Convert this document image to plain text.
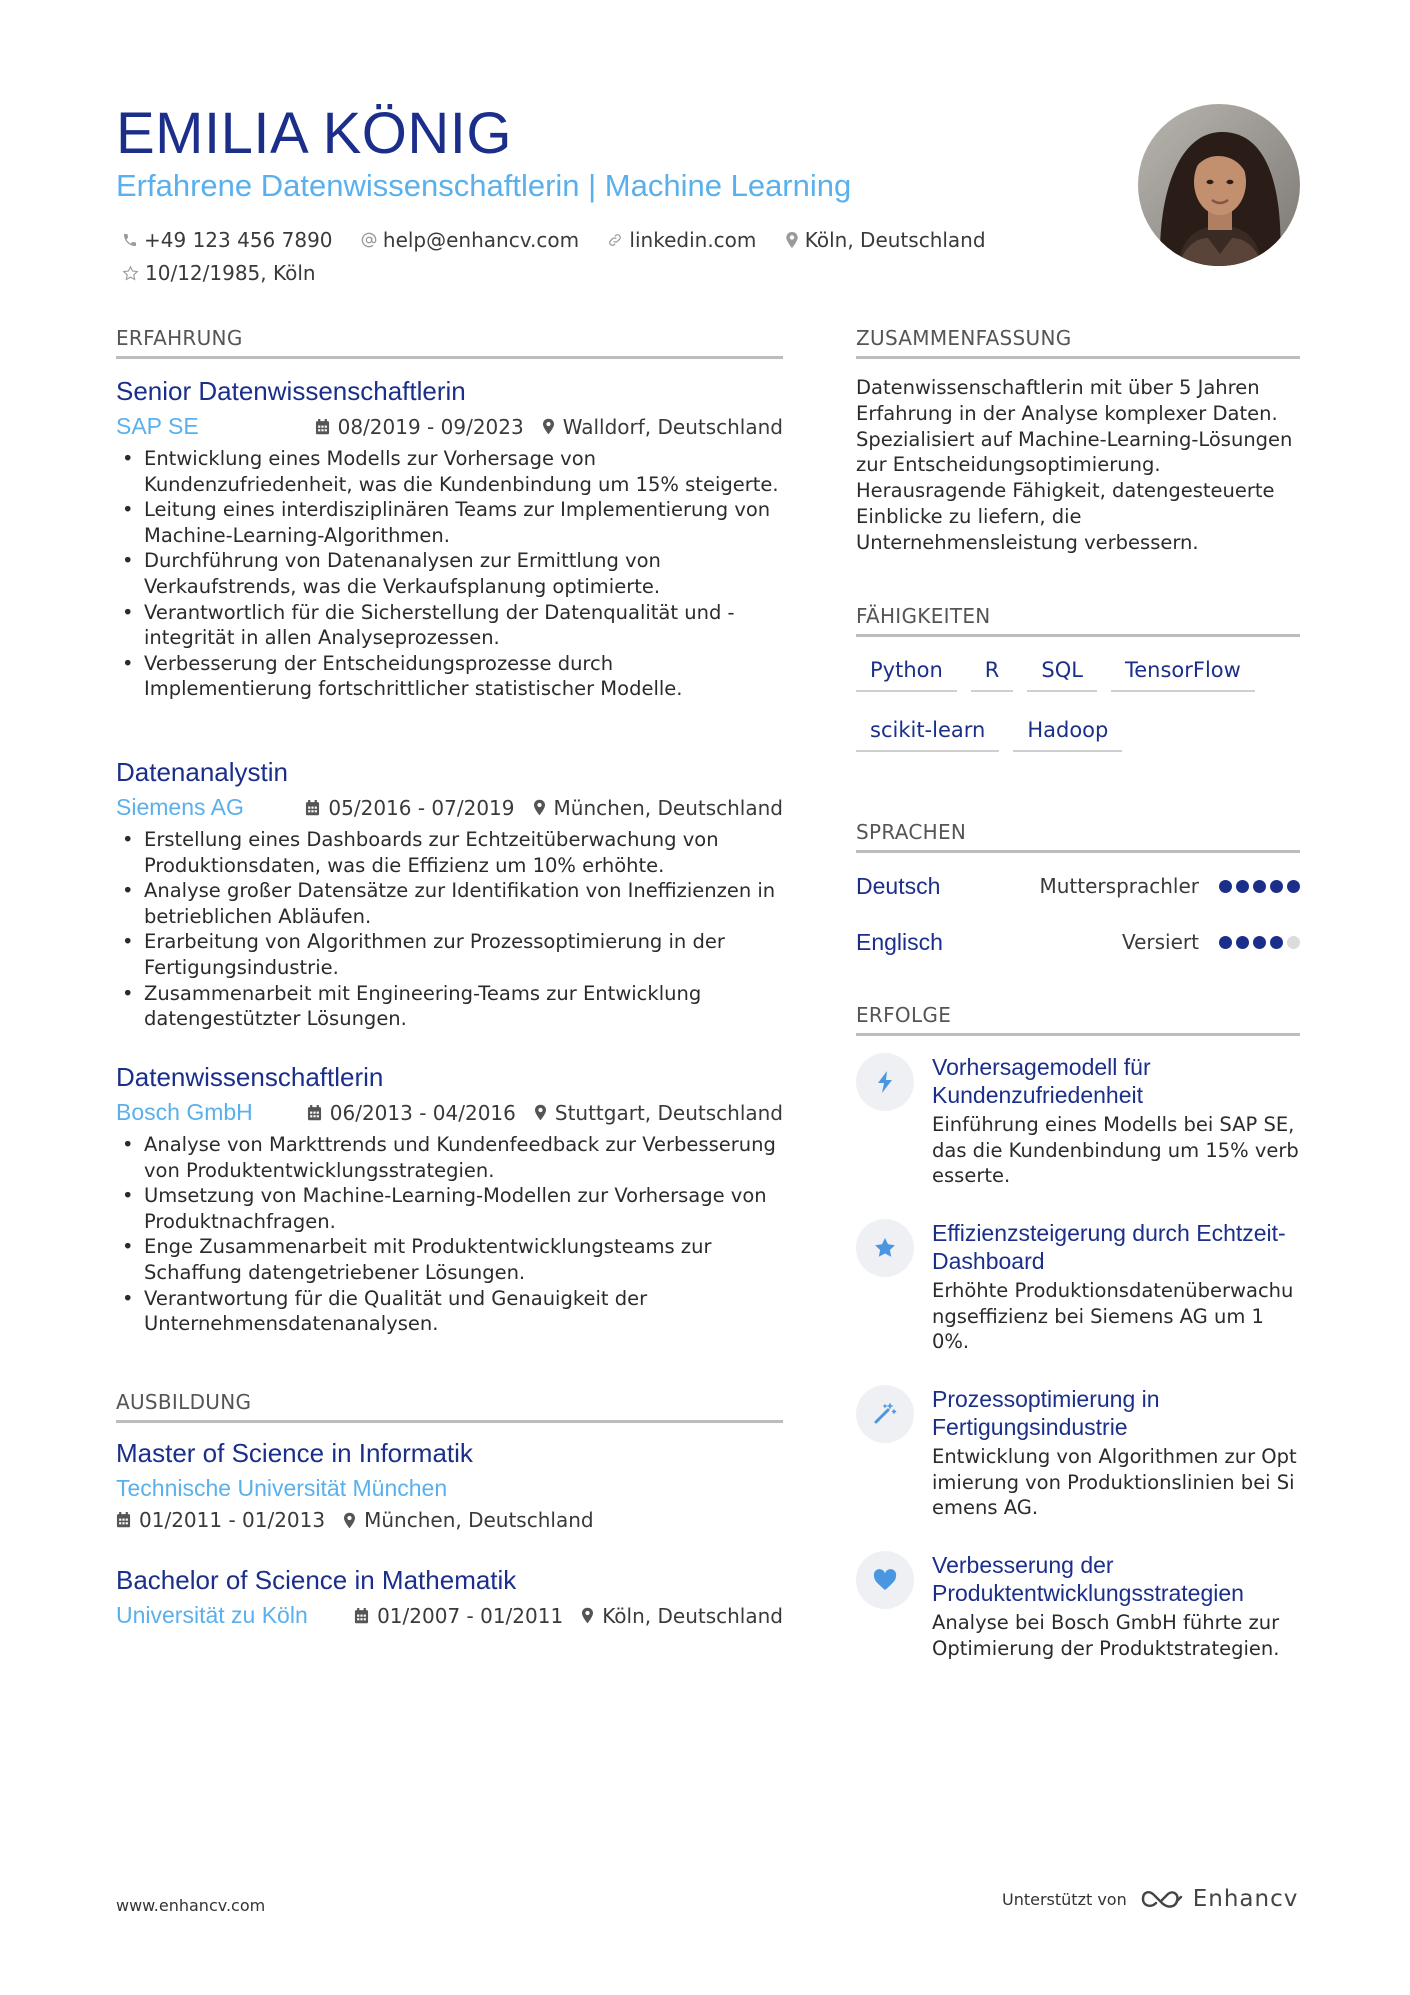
EMILIA KÖNIG
Erfahrene Datenwissenschaftlerin | Machine Learning
+49 123 456 7890
	help@enhancv.com
	linkedin.com
Köln, Deutschland

10/12/1985, Köln
ERFAHRUNG
Senior Datenwissenschaftlerin
SAP SE	08/2019 - 09/2023 Walldorf, Deutschland
• Entwicklung eines Modells zur Vorhersage von Kundenzufriedenheit, was die Kundenbindung um 15% steigerte.
• Leitung eines interdisziplinären Teams zur Implementierung von Machine-Learning-Algorithmen.
• Durchführung von Datenanalysen zur Ermittlung von Verkaufstrends, was die Verkaufsplanung optimierte.
• Verantwortlich für die Sicherstellung der Datenqualität und -integrität in allen Analyseprozessen.
• Verbesserung der Entscheidungsprozesse durch Implementierung fortschrittlicher statistischer Modelle.
Datenanalystin
Siemens AG	05/2016 - 07/2019 München, Deutschland
• Erstellung eines Dashboards zur Echtzeitüberwachung von Produktionsdaten, was die Effizienz um 10% erhöhte.
• Analyse großer Datensätze zur Identifikation von Ineffizienzen in betrieblichen Abläufen.
• Erarbeitung von Algorithmen zur Prozessoptimierung in der Fertigungsindustrie.
• Zusammenarbeit mit Engineering-Teams zur Entwicklung datengestützter Lösungen.
Datenwissenschaftlerin
Bosch GmbH	06/2013 - 04/2016 Stuttgart, Deutschland
• Analyse von Markttrends und Kundenfeedback zur Verbesserung von Produktentwicklungsstrategien.
• Umsetzung von Machine-Learning-Modellen zur Vorhersage von Produktnachfragen.
• Enge Zusammenarbeit mit Produktentwicklungsteams zur Schaffung datengetriebener Lösungen.
• Verantwortung für die Qualität und Genauigkeit der Unternehmensdatenanalysen.
AUSBILDUNG
Master of Science in Informatik
Technische Universität München
01/2011 - 01/2013 München, Deutschland
Bachelor of Science in Mathematik
Universität zu Köln	01/2007 - 01/2011 Köln, Deutschland
ZUSAMMENFASSUNG
Datenwissenschaftlerin mit über 5 Jahren Erfahrung in der Analyse komplexer Daten. Spezialisiert auf Machine-Learning-Lösungen zur Entscheidungsoptimierung. Herausragende Fähigkeit, datengesteuerte Einblicke zu liefern, die Unternehmensleistung verbessern.
FÄHIGKEITEN
Python	R	SQL	TensorFlow
scikit-learn	Hadoop
SPRACHEN
Deutsch	Muttersprachler
Englisch	Versiert
ERFOLGE
Vorhersagemodell für Kundenzufriedenheit
Einführung eines Modells bei SAP SE, das die Kundenbindung um 15% verbesserte.
Effizienzsteigerung durch Echtzeit-Dashboard
Erhöhte Produktionsdatenüberwachungseffizienz bei Siemens AG um 10%.
Prozessoptimierung in Fertigungsindustrie
Entwicklung von Algorithmen zur Optimierung von Produktionslinien bei Siemens AG.
Verbesserung der Produktentwicklungsstrategien
Analyse bei Bosch GmbH führte zur Optimierung der Produktstrategien.
www.enhancv.com	Unterstützt von	Enhancv
